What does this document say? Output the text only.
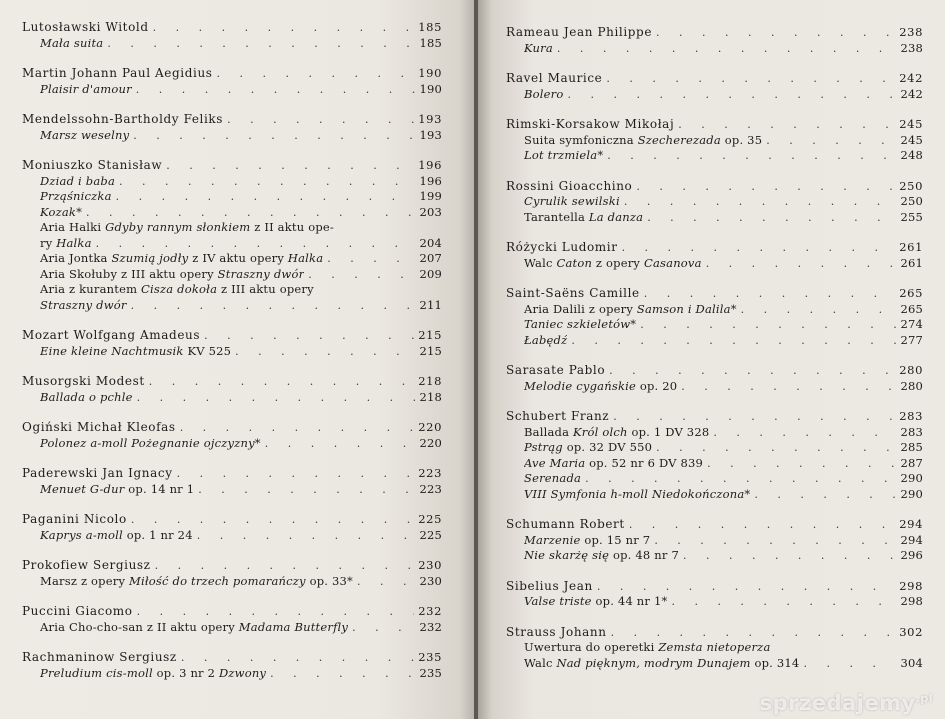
Lutosławski Witold . . .	185
Mała suita . . .	185
Martin Johann Paul Aegidius . . .	190
Plaisir d'amour . . .	190
Mendelssohn-Bartholdy Feliks . . .	193
Marsz weselny . . .	193
Moniuszko Stanisław . . .	196
Dziad i baba . . .	196
Prząśniczka . . .	199
Kozak* . . .	203
Aria Halki Gdyby rannym słonkiem z II aktu ope-
ry Halka . . .	204
Aria Jontka Szumią jodły z IV aktu opery Halka . . .	207
Aria Skołuby z III aktu opery Straszny dwór . . .	209
Aria z kurantem Cisza dokoła z III aktu opery
Straszny dwór . . .	211
Mozart Wolfgang Amadeus . . .	215
Eine kleine Nachtmusik KV 525 . . .	215
Musorgski Modest . . .	218
Ballada o pchle . . .	218
Ogiński Michał Kleofas . . .	220
Polonez a-moll Pożegnanie ojczyzny* . . .	220
Paderewski Jan Ignacy . . .	223
Menuet G-dur op. 14 nr 1 . . .	223
Paganini Nicolo . . .	225
Kaprys a-moll op. 1 nr 24 . . .	225
Prokofiew Sergiusz . . .	230
Marsz z opery Miłość do trzech pomarańczy op. 33* . . .	230
Puccini Giacomo . . .	232
Aria Cho-cho-san z II aktu opery Madama Butterfly . . .	232
Rachmaninow Sergiusz . . .	235
Preludium cis-moll op. 3 nr 2 Dzwony . . .	235
Rameau Jean Philippe . . .	238
Kura . . .	238
Ravel Maurice . . .	242
Bolero . . .	242
Rimski-Korsakow Mikołaj . . .	245
Suita symfoniczna Szecherezada op. 35 . . .	245
Lot trzmiela* . . .	248
Rossini Gioacchino . . .	250
Cyrulik sewilski . . .	250
Tarantella La danza . . .	255
Różycki Ludomir . . .	261
Walc Caton z opery Casanova . . .	261
Saint-Saëns Camille . . .	265
Aria Dalili z opery Samson i Dalila* . . .	265
Taniec szkieletów* . . .	274
Łabędź . . .	277
Sarasate Pablo . . .	280
Melodie cygańskie op. 20 . . .	280
Schubert Franz . . .	283
Ballada Król olch op. 1 DV 328 . . .	283
Pstrąg op. 32 DV 550 . . .	285
Ave Maria op. 52 nr 6 DV 839 . . .	287
Serenada . . .	290
VIII Symfonia h-moll Niedokończona* . . .	290
Schumann Robert . . .	294
Marzenie op. 15 nr 7 . . .	294
Nie skarżę się op. 48 nr 7 . . .	296
Sibelius Jean . . .	298
Valse triste op. 44 nr 1* . . .	298
Strauss Johann . . .	302
Uwertura do operetki Zemsta nietoperza
Walc Nad pięknym, modrym Dunajem op. 314 . . .	304
sprzedajemy$^{.pl}$
